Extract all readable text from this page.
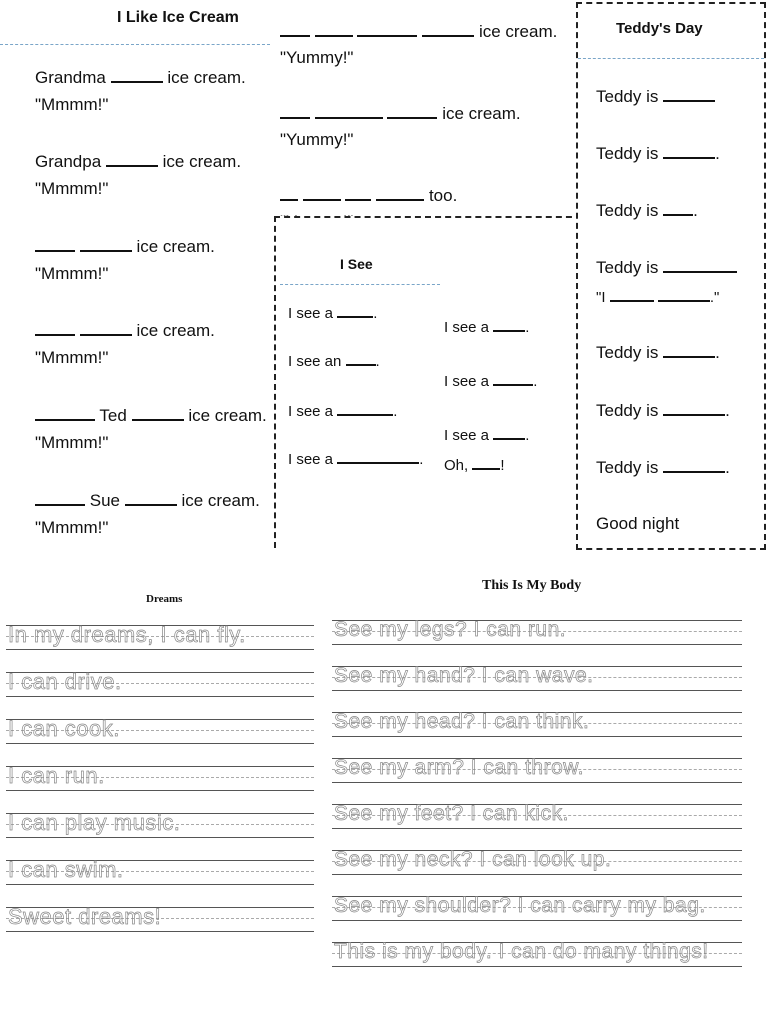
I Like Ice Cream
Grandma	ice cream.
"Mmmm!"
Grandpa	ice cream.
"Mmmm!"
ice cream.
"Mmmm!"
ice cream.
"Mmmm!"
Ted	ice cream.
"Mmmm!"
Sue	ice cream.
"Mmmm!"
ice cream.
"Yummy!"
ice cream.
"Yummy!"
too.
I See
I see a	.
I see an .
I see a	.
I see a	.
I see a .
I see a	.
I see a .
Oh, !
Teddy's Day
Teddy is
Teddy is	.
Teddy is .
Teddy is
"I	."
Teddy is	.
Teddy is	.
Teddy is	.
Good night
Dreams
In my dreams, I can fly.
I can drive.
I can cook.
I can run.
I can play music.
I can swim.
Sweet dreams!
This Is My Body
See my legs? I can run.
See my hand? I can wave.
See my head? I can think.
See my arm? I can throw.
See my feet? I can kick.
See my neck? I can look up.
See my shoulder? I can carry my bag.
This is my body. I can do many things!
